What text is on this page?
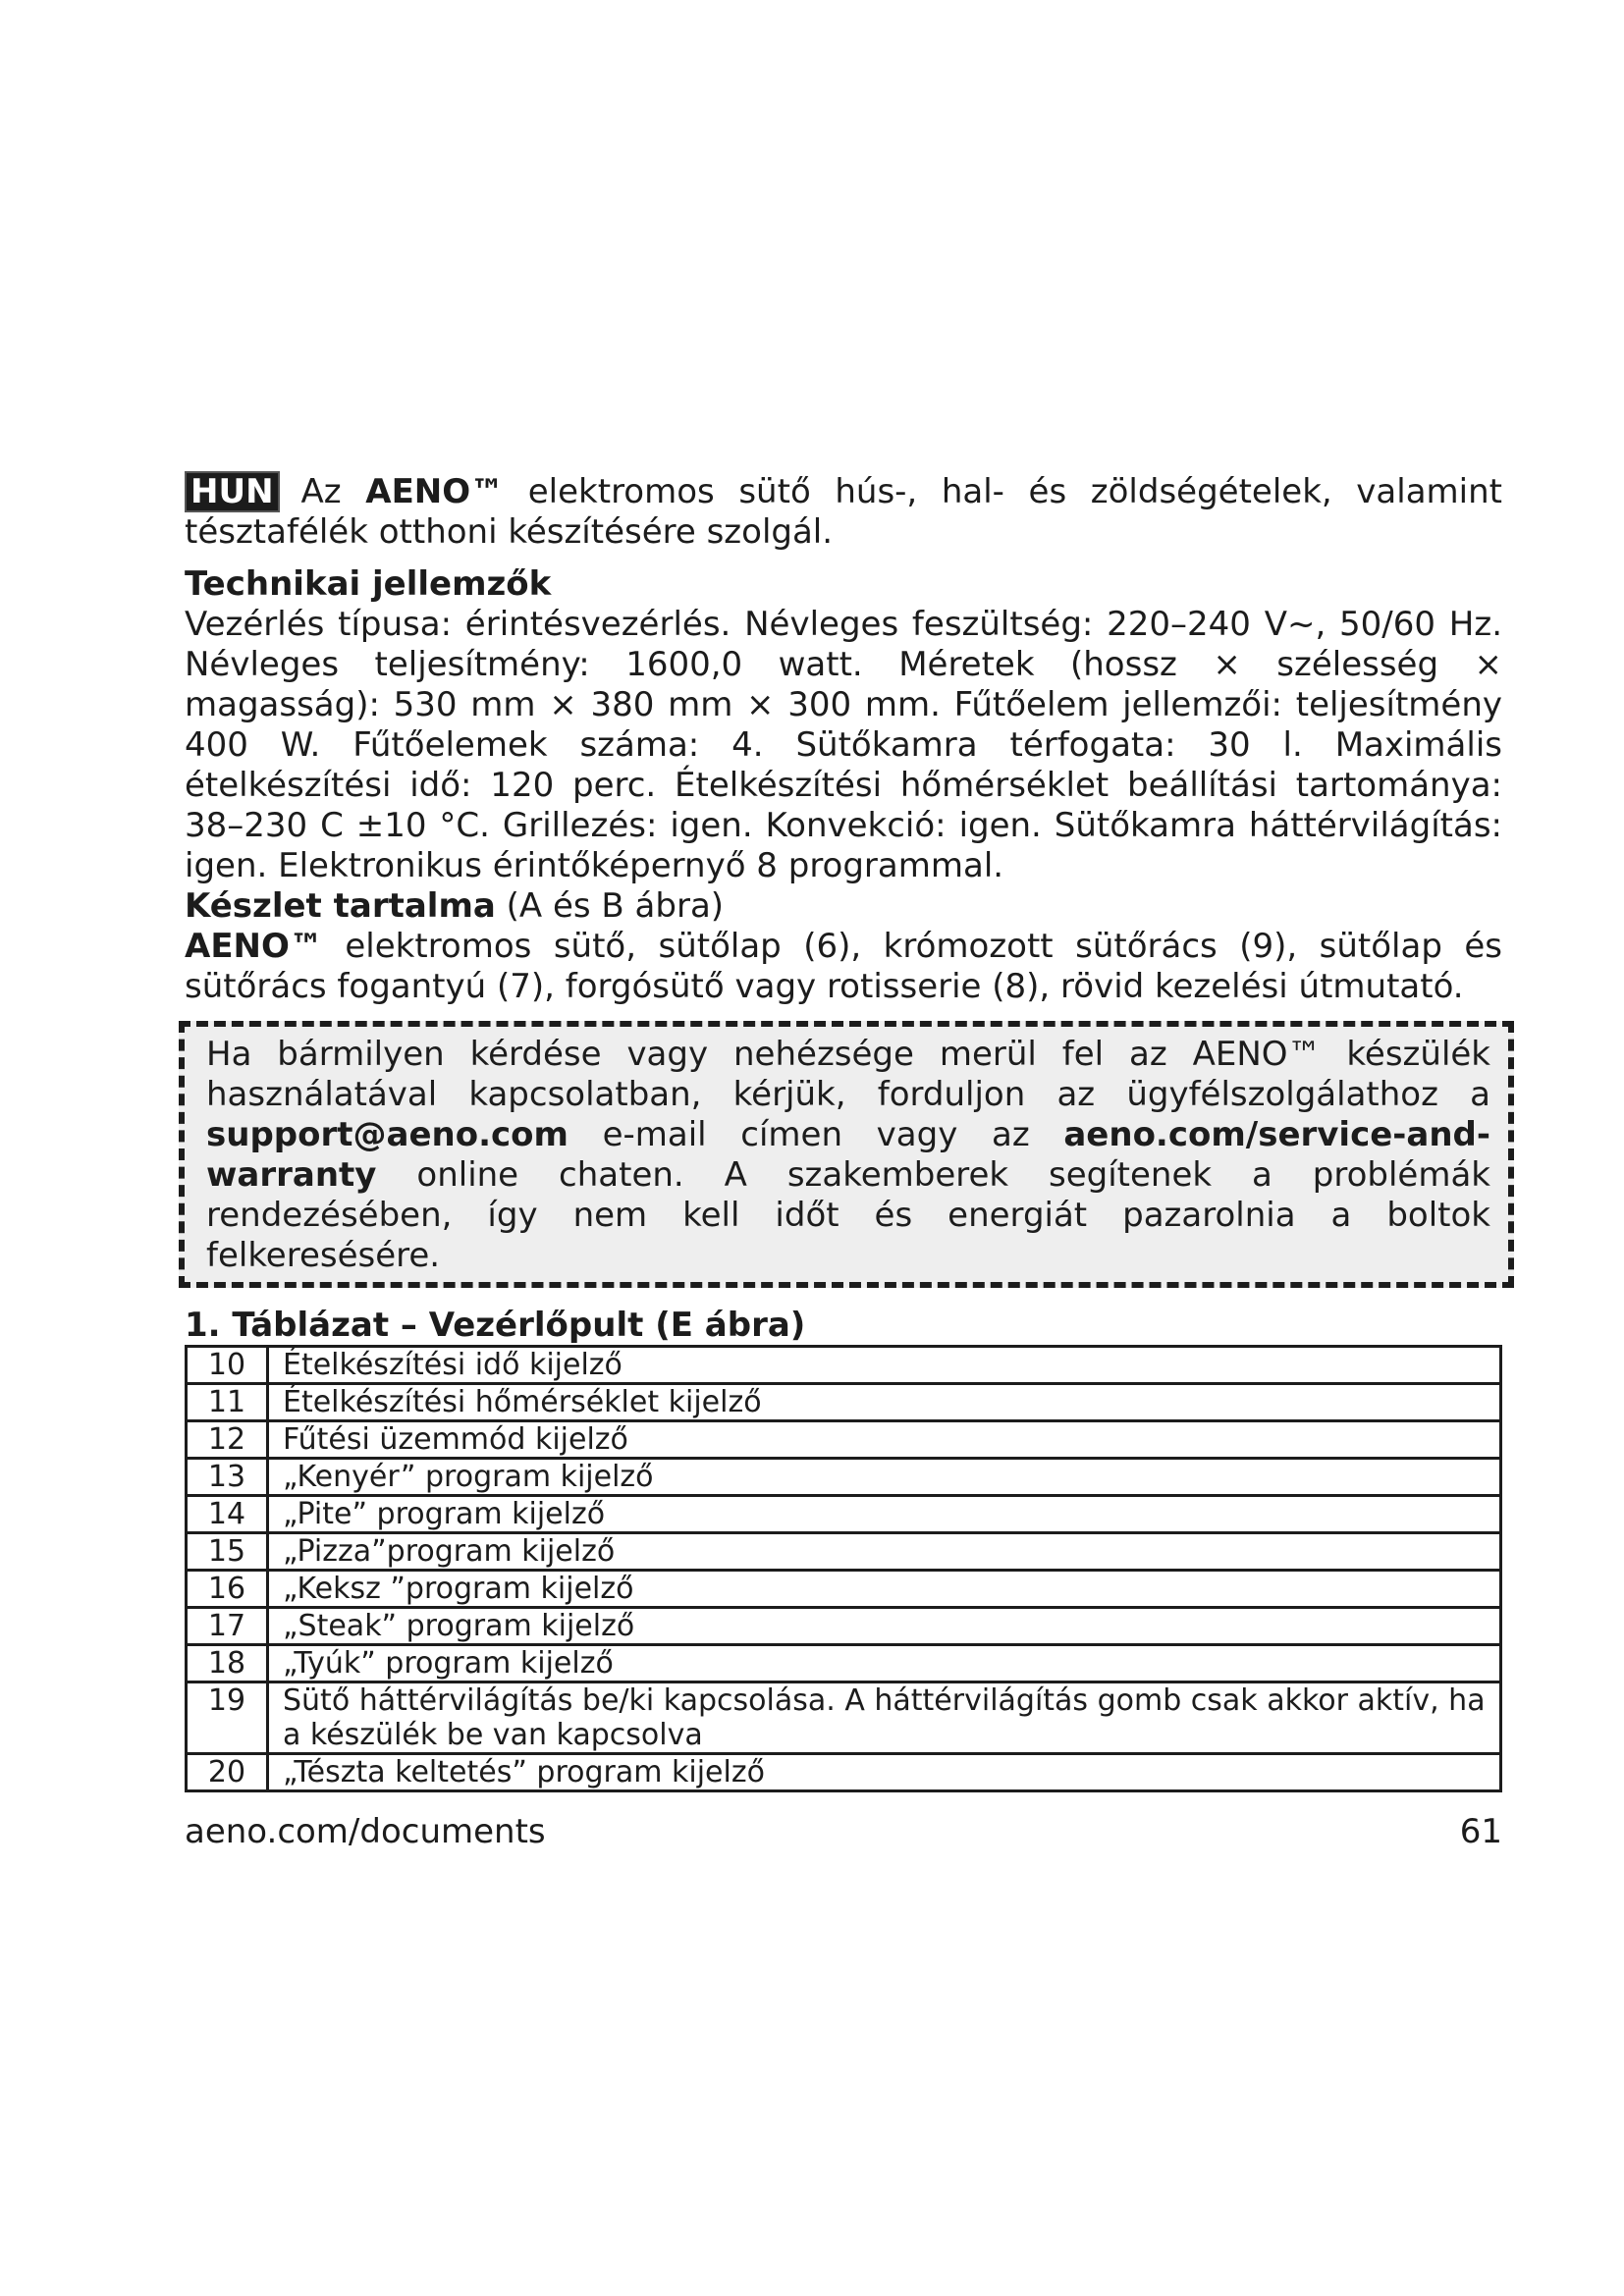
HUN Az AENO™ elektromos sütő hús-, hal- és zöldségételek, valamint tésztafélék otthoni készítésére szolgál.

Technikai jellemzők

Vezérlés típusa: érintésvezérlés. Névleges feszültség: 220–240 V~, 50/60 Hz. Névleges teljesítmény: 1600,0 watt. Méretek (hossz × szélesség × magasság): 530 mm × 380 mm × 300 mm. Fűtőelem jellemzői: teljesítmény 400 W. Fűtőelemek száma: 4. Sütőkamra térfogata: 30 l. Maximális ételkészítési idő: 120 perc. Ételkészítési hőmérséklet beállítási tartománya: 38–230 C ±10 °C. Grillezés: igen. Konvekció: igen. Sütőkamra háttérvilágítás: igen. Elektronikus érintőképernyő 8 programmal.

Készlet tartalma (A és B ábra)

AENO™ elektromos sütő, sütőlap (6), krómozott sütőrács (9), sütőlap és sütőrács fogantyú (7), forgósütő vagy rotisserie (8), rövid kezelési útmutató.

Ha bármilyen kérdése vagy nehézsége merül fel az AENO™ készülék használatával kapcsolatban, kérjük, forduljon az ügyfélszolgálathoz a support@aeno.com e-mail címen vagy az aeno.com/service-and-warranty online chaten. A szakemberek segítenek a problémák rendezésében, így nem kell időt és energiát pazarolnia a boltok felkeresésére.

1. Táblázat – Vezérlőpult (E ábra)

10	Ételkészítési idő kijelző
11	Ételkészítési hőmérséklet kijelző
12	Fűtési üzemmód kijelző
13	„Kenyér” program kijelző
14	„Pite” program kijelző
15	„Pizza”program kijelző
16	„Keksz ”program kijelző
17	„Steak” program kijelző
18	„Tyúk” program kijelző
19	Sütő háttérvilágítás be/ki kapcsolása. A háttérvilágítás gomb csak akkor aktív, ha a készülék be van kapcsolva
20	„Tészta keltetés” program kijelző
aeno.com/documents	61
